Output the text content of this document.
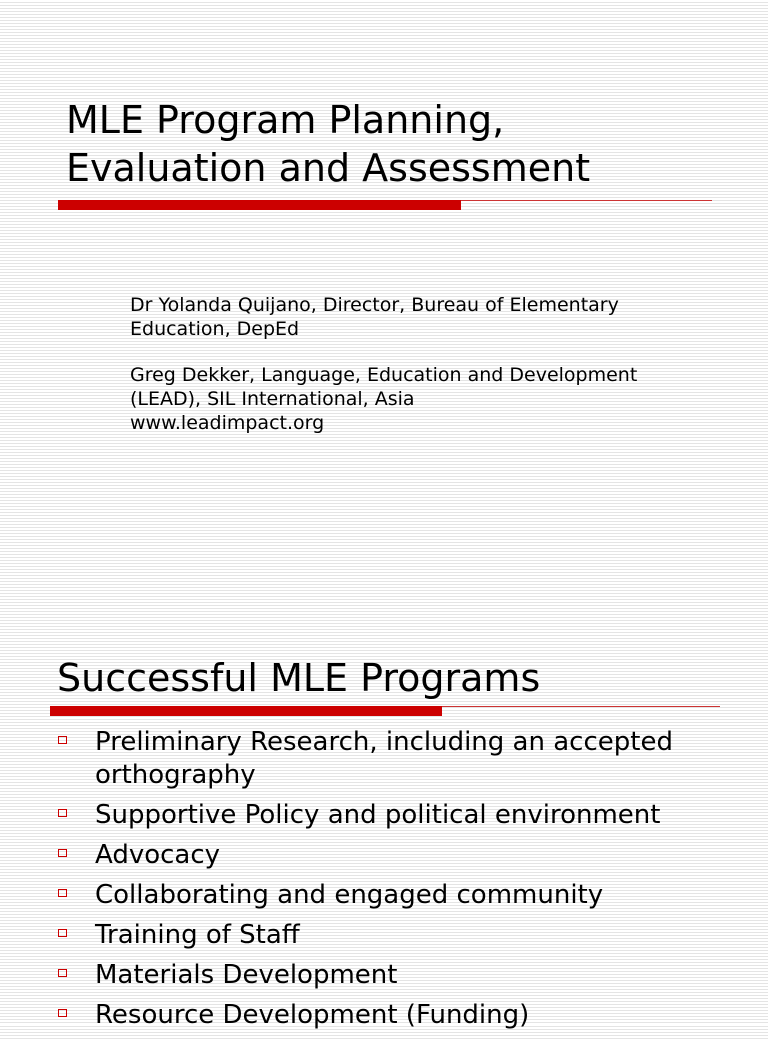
MLE Program Planning,
Evaluation and Assessment

Dr Yolanda Quijano, Director, Bureau of Elementary
Education, DepEd

Greg Dekker, Language, Education and Development
(LEAD), SIL International, Asia
www.leadimpact.org

Successful MLE Programs
Preliminary Research, including an accepted
orthography
Supportive Policy and political environment
Advocacy
Collaborating and engaged community
Training of Staff
Materials Development
Resource Development (Funding)
